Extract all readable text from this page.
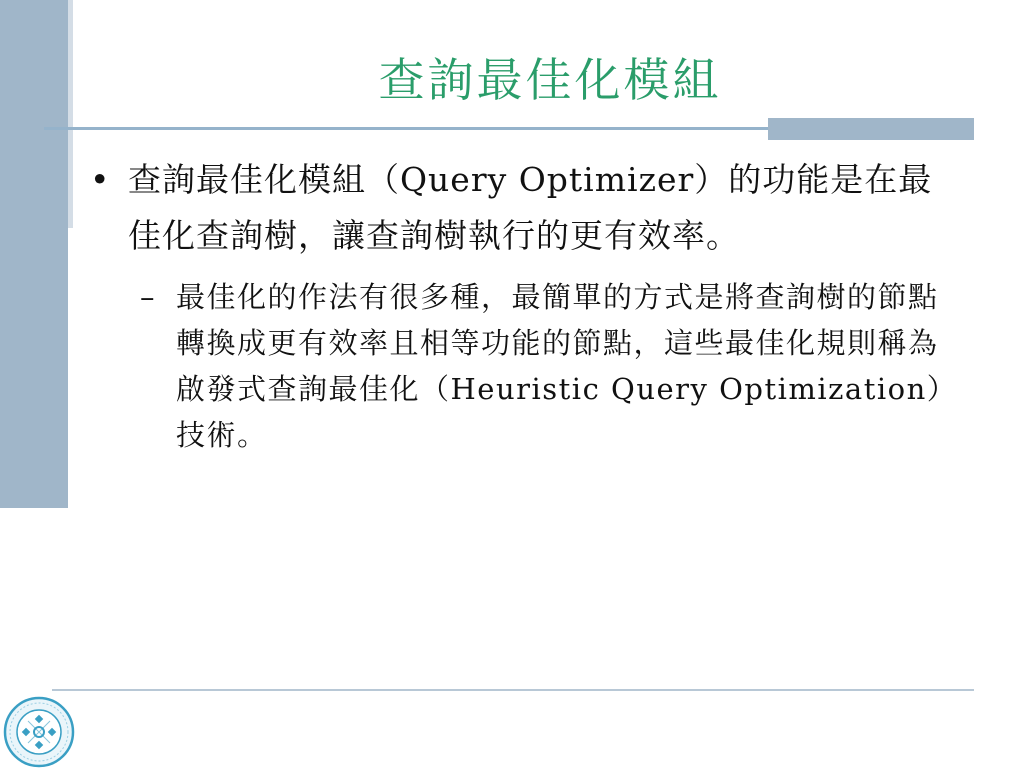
查詢最佳化模組

• 查詢最佳化模組（Query Optimizer）的功能是在最佳化查詢樹，讓查詢樹執行的更有效率。

– 最佳化的作法有很多種，最簡單的方式是將查詢樹的節點轉換成更有效率且相等功能的節點，這些最佳化規則稱為啟發式查詢最佳化（Heuristic Query Optimization）技術。
